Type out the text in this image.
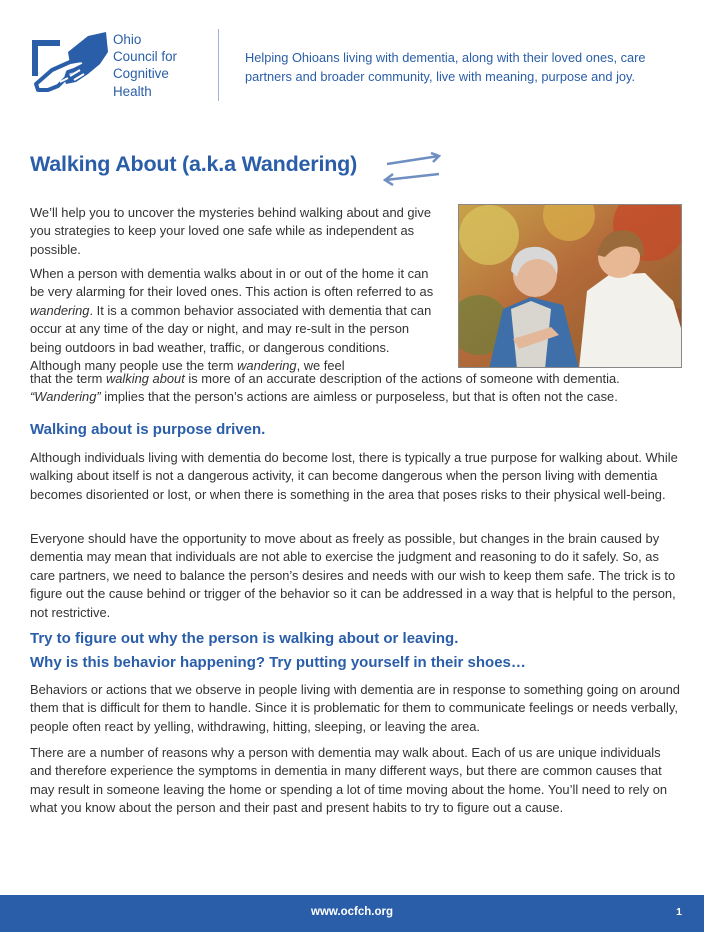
Ohio
Council for
Cognitive
Health
Helping Ohioans living with dementia, along with their loved ones, care partners and broader community, live with meaning, purpose and joy.
Walking About (a.k.a Wandering)

We’ll help you to uncover the mysteries behind walking about and give you strategies to keep your loved one safe while as independent as possible.

When a person with dementia walks about in or out of the home it can be very alarming for their loved ones. This action is often referred to as wandering. It is a common behavior associated with dementia that can occur at any time of the day or night, and may re-sult in the person being outdoors in bad weather, traffic, or dangerous conditions. Although many people use the term wandering, we feel

that the term walking about is more of an accurate description of the actions of someone with dementia.
“Wandering” implies that the person’s actions are aimless or purposeless, but that is often not the case.

Walking about is purpose driven.

Although individuals living with dementia do become lost, there is typically a true purpose for walking about. While walking about itself is not a dangerous activity, it can become dangerous when the person living with dementia becomes disoriented or lost, or when there is something in the area that poses risks to their physical well-being.

Everyone should have the opportunity to move about as freely as possible, but changes in the brain caused by dementia may mean that individuals are not able to exercise the judgment and reasoning to do it safely. So, as care partners, we need to balance the person’s desires and needs with our wish to keep them safe. The trick is to figure out the cause behind or trigger of the behavior so it can be addressed in a way that is helpful to the person, not restrictive.

Try to figure out why the person is walking about or leaving.
Why is this behavior happening? Try putting yourself in their shoes…

Behaviors or actions that we observe in people living with dementia are in response to something going on around them that is difficult for them to handle. Since it is problematic for them to communicate feelings or needs verbally, people often react by yelling, withdrawing, hitting, sleeping, or leaving the area.

There are a number of reasons why a person with dementia may walk about. Each of us are unique individuals and therefore experience the symptoms in dementia in many different ways, but there are common causes that may result in someone leaving the home or spending a lot of time moving about the home. You’ll need to rely on what you know about the person and their past and present habits to try to figure out a cause.

www.ocfch.org	1
